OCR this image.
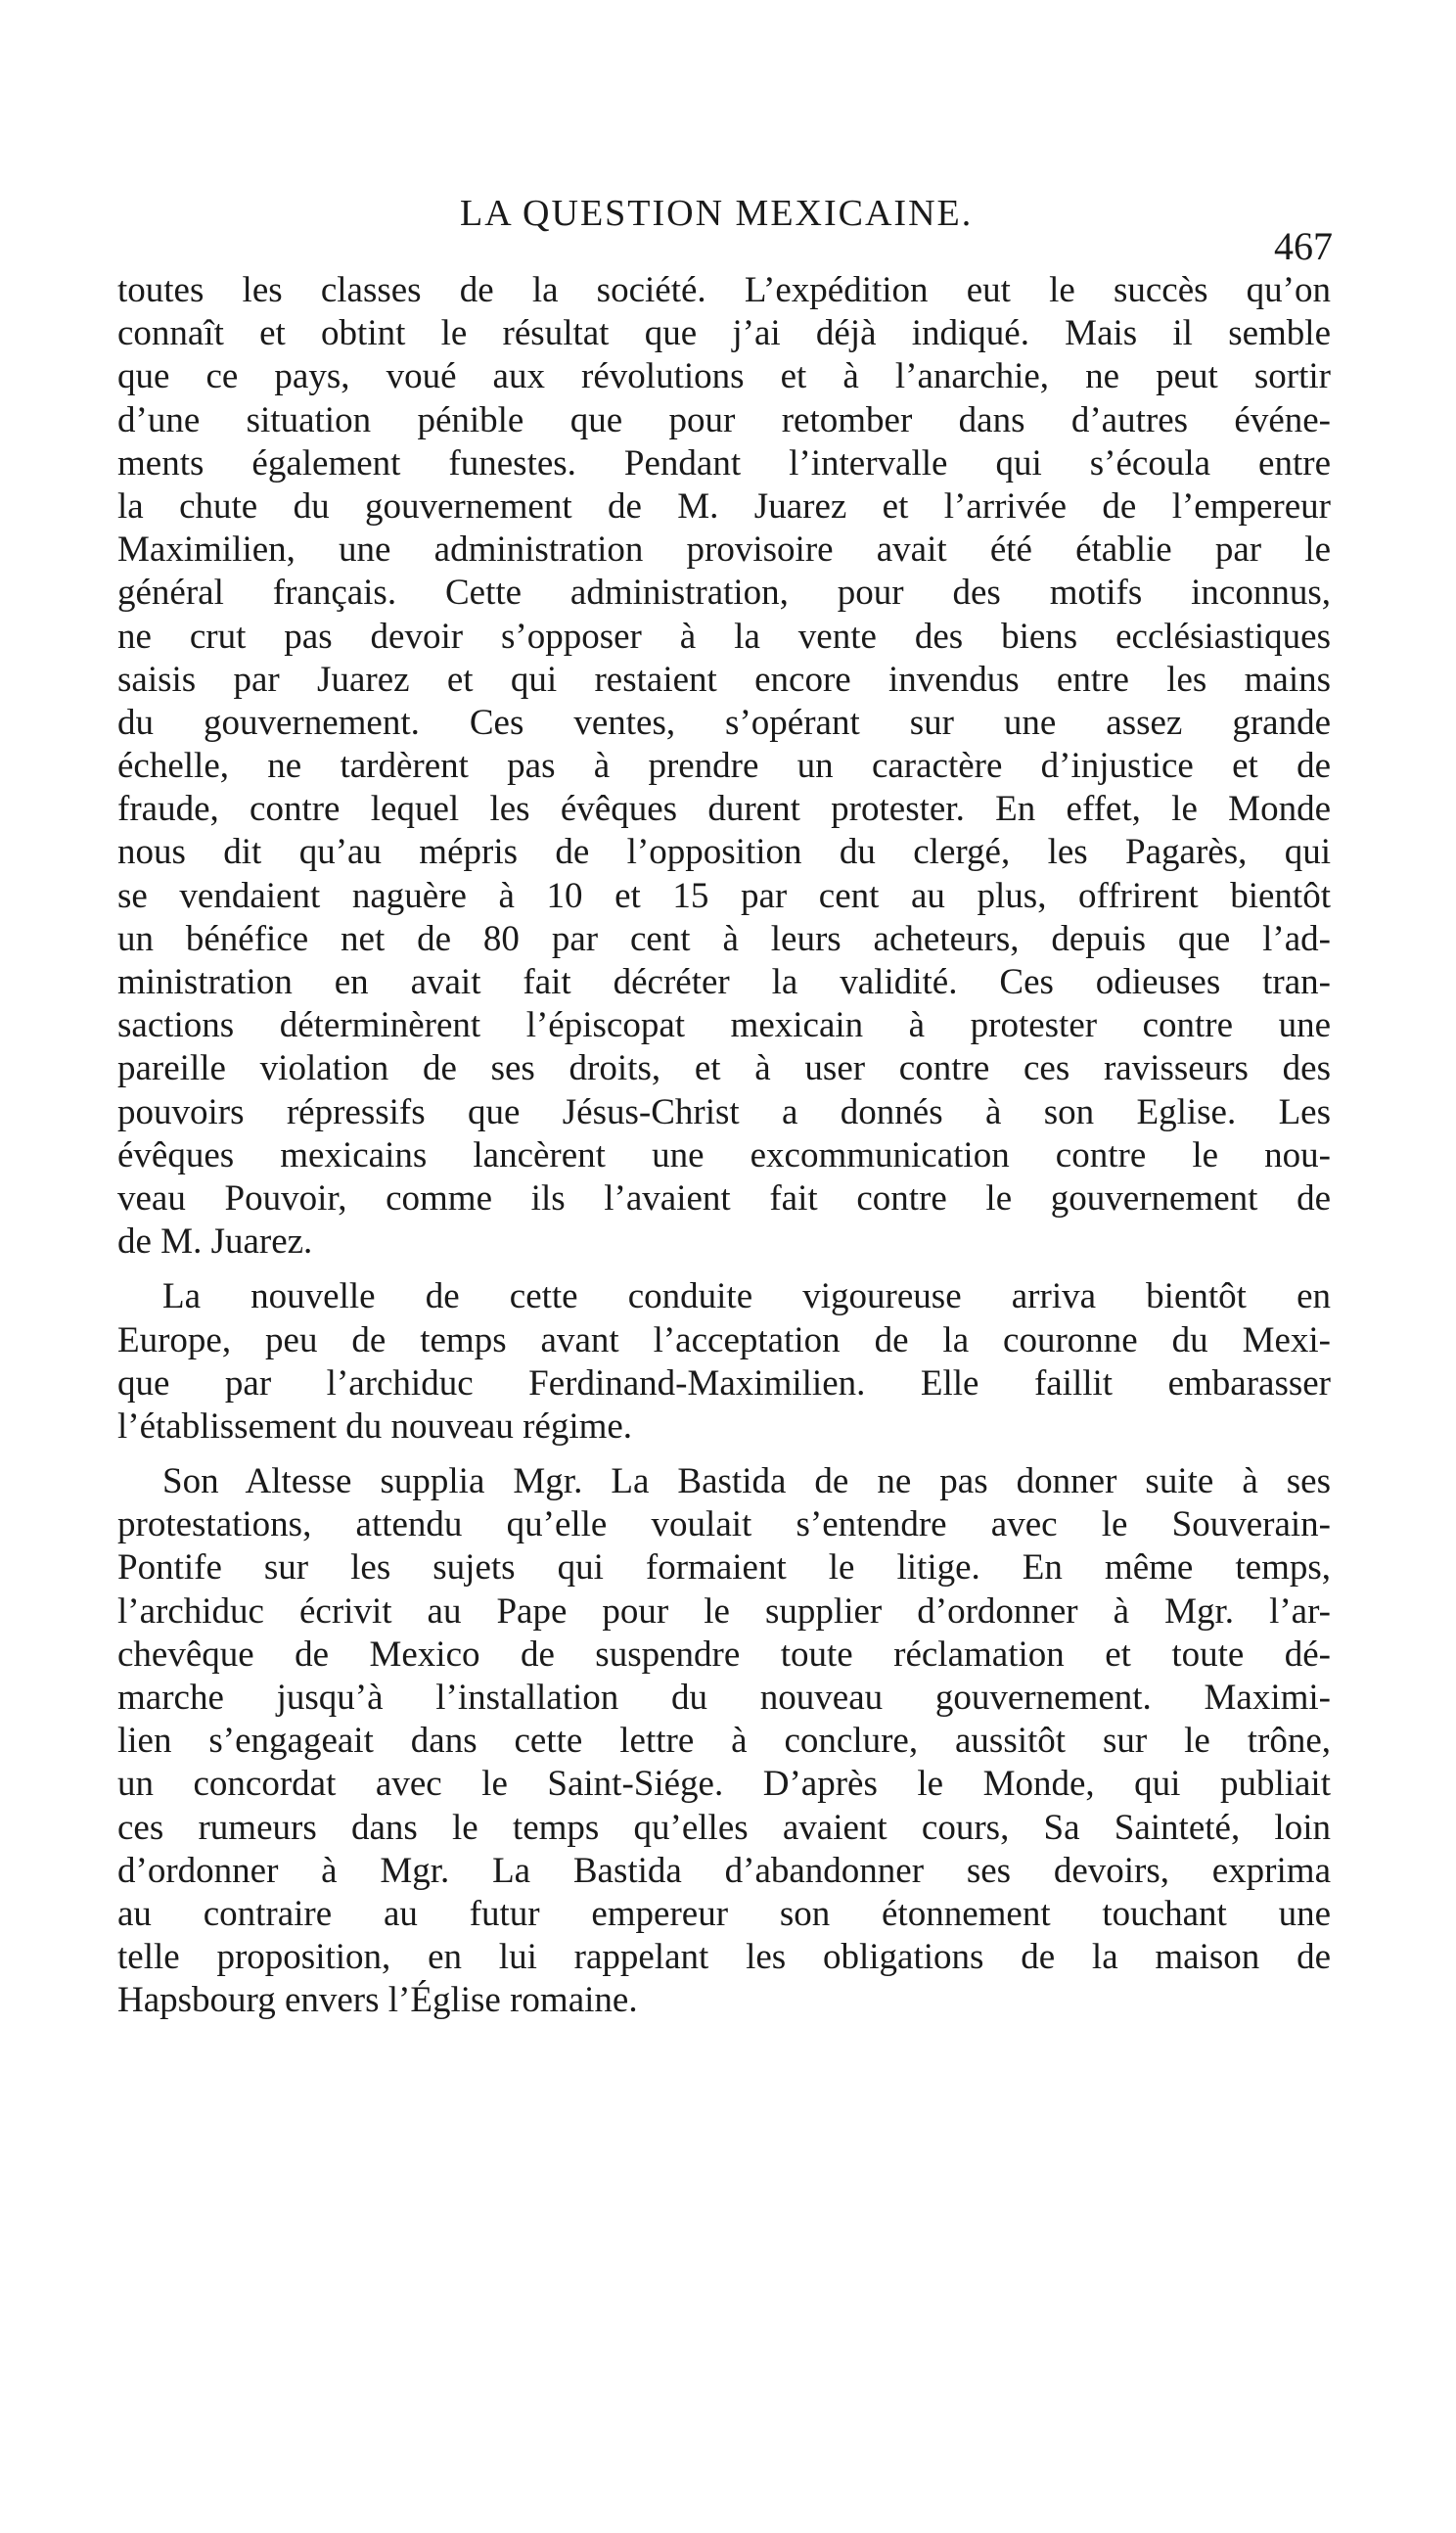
LA QUESTION MEXICAINE.
467

toutes les classes de la société. L’expédition eut le succès qu’on
connaît et obtint le résultat que j’ai déjà indiqué. Mais il semble
que ce pays, voué aux révolutions et à l’anarchie, ne peut sortir
d’une situation pénible que pour retomber dans d’autres événe-
ments également funestes. Pendant l’intervalle qui s’écoula entre
la chute du gouvernement de M. Juarez et l’arrivée de l’empereur
Maximilien, une administration provisoire avait été établie par le
général français. Cette administration, pour des motifs inconnus,
ne crut pas devoir s’opposer à la vente des biens ecclésiastiques
saisis par Juarez et qui restaient encore invendus entre les mains
du gouvernement. Ces ventes, s’opérant sur une assez grande
échelle, ne tardèrent pas à prendre un caractère d’injustice et de
fraude, contre lequel les évêques durent protester. En effet, le Monde
nous dit qu’au mépris de l’opposition du clergé, les Pagarès, qui
se vendaient naguère à 10 et 15 par cent au plus, offrirent bientôt
un bénéfice net de 80 par cent à leurs acheteurs, depuis que l’ad-
ministration en avait fait décréter la validité. Ces odieuses tran-
sactions déterminèrent l’épiscopat mexicain à protester contre une
pareille violation de ses droits, et à user contre ces ravisseurs des
pouvoirs répressifs que Jésus-Christ a donnés à son Eglise. Les
évêques mexicains lancèrent une excommunication contre le nou-
veau Pouvoir, comme ils l’avaient fait contre le gouvernement de
de M. Juarez.

La nouvelle de cette conduite vigoureuse arriva bientôt en
Europe, peu de temps avant l’acceptation de la couronne du Mexi-
que par l’archiduc Ferdinand-Maximilien. Elle faillit embarasser
l’établissement du nouveau régime.

Son Altesse supplia Mgr. La Bastida de ne pas donner suite à ses
protestations, attendu qu’elle voulait s’entendre avec le Souverain-
Pontife sur les sujets qui formaient le litige. En même temps,
l’archiduc écrivit au Pape pour le supplier d’ordonner à Mgr. l’ar-
chevêque de Mexico de suspendre toute réclamation et toute dé-
marche jusqu’à l’installation du nouveau gouvernement. Maximi-
lien s’engageait dans cette lettre à conclure, aussitôt sur le trône,
un concordat avec le Saint-Siége. D’après le Monde, qui publiait
ces rumeurs dans le temps qu’elles avaient cours, Sa Sainteté, loin
d’ordonner à Mgr. La Bastida d’abandonner ses devoirs, exprima
au contraire au futur empereur son étonnement touchant une
telle proposition, en lui rappelant les obligations de la maison de
Hapsbourg envers l’Église romaine.
